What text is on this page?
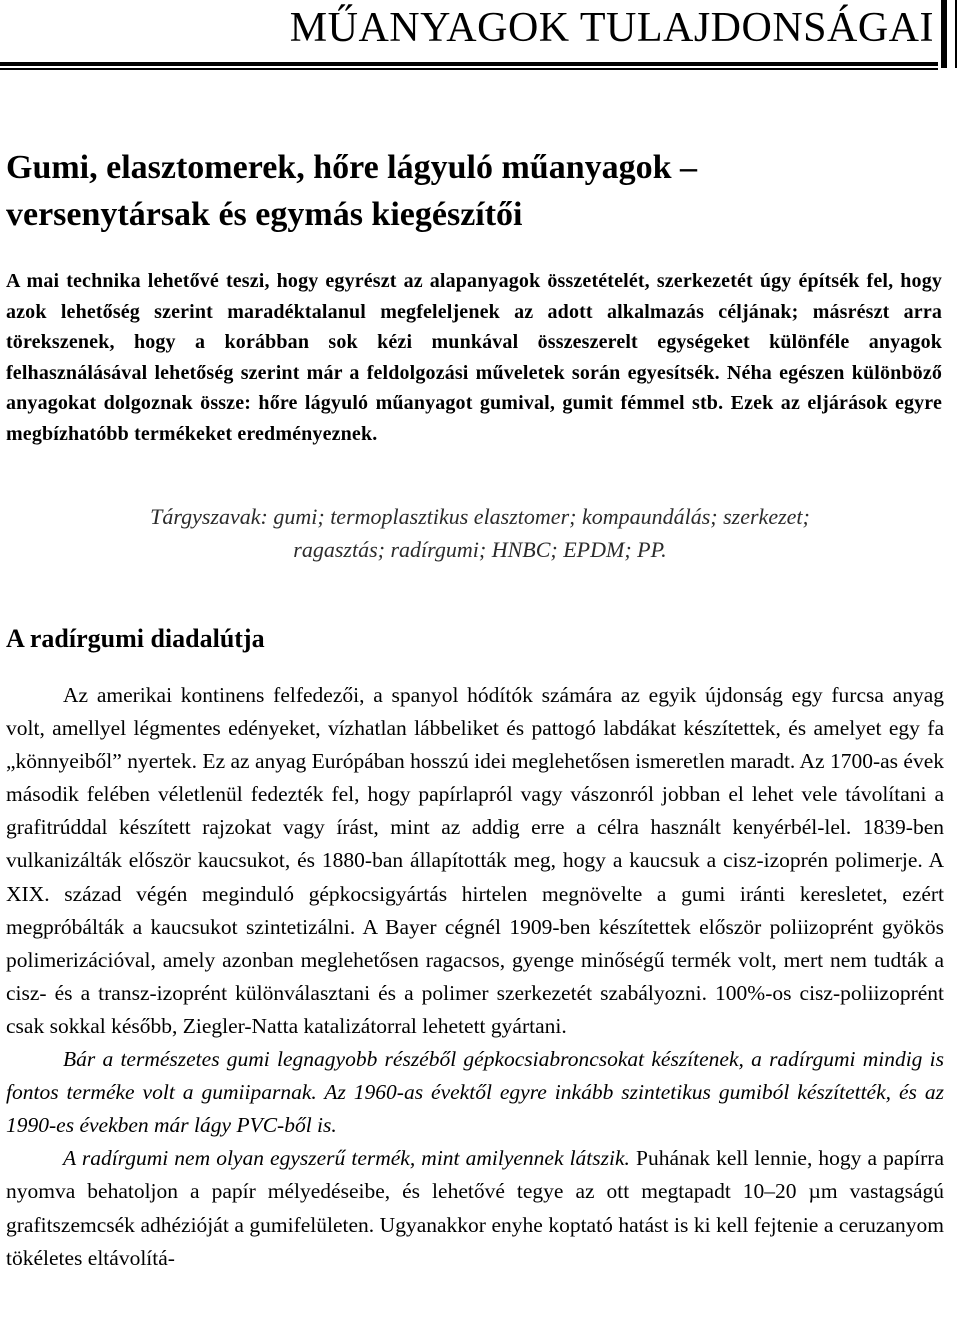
MŰANYAGOK TULAJDONSÁGAI
Gumi, elasztomerek, hőre lágyuló műanyagok –
versenytársak és egymás kiegészítői

A mai technika lehetővé teszi, hogy egyrészt az alapanyagok összetételét, szerkezetét úgy építsék fel, hogy azok lehetőség szerint maradéktalanul megfeleljenek az adott alkalmazás céljának; másrészt arra törekszenek, hogy a korábban sok kézi munkával összeszerelt egységeket különféle anyagok felhasználásával lehetőség szerint már a feldolgozási műveletek során egyesítsék. Néha egészen különböző anyagokat dolgoznak össze: hőre lágyuló műanyagot gumival, gumit fémmel stb. Ezek az eljárások egyre megbízhatóbb termékeket eredményeznek.

Tárgyszavak: gumi; termoplasztikus elasztomer; kompaundálás; szerkezet;
ragasztás; radírgumi; HNBC; EPDM; PP.

A radírgumi diadalútja

Az amerikai kontinens felfedezői, a spanyol hódítók számára az egyik újdonság egy furcsa anyag volt, amellyel légmentes edényeket, vízhatlan lábbeliket és pattogó labdákat készítettek, és amelyet egy fa „könnyeiből” nyertek. Ez az anyag Európában hosszú idei meglehetősen ismeretlen maradt. Az 1700-as évek második felében véletlenül fedezték fel, hogy papírlapról vagy vászonról jobban el lehet vele távolítani a grafitrúddal készített rajzokat vagy írást, mint az addig erre a célra használt kenyérbél-lel. 1839-ben vulkanizálták először kaucsukot, és 1880-ban állapították meg, hogy a kaucsuk a cisz-izoprén polimerje. A XIX. század végén meginduló gépkocsigyártás hirtelen megnövelte a gumi iránti keresletet, ezért megpróbálták a kaucsukot szintetizálni. A Bayer cégnél 1909-ben készítettek először poliizoprént gyökös polimerizációval, amely azonban meglehetősen ragacsos, gyenge minőségű termék volt, mert nem tudták a cisz- és a transz-izoprént különválasztani és a polimer szerkezetét szabályozni. 100%-os cisz-poliizoprént csak sokkal később, Ziegler-Natta katalizátorral lehetett gyártani.

Bár a természetes gumi legnagyobb részéből gépkocsiabroncsokat készítenek, a radírgumi mindig is fontos terméke volt a gumiiparnak. Az 1960-as évektől egyre inkább szintetikus gumiból készítették, és az 1990-es években már lágy PVC-ből is.

A radírgumi nem olyan egyszerű termék, mint amilyennek látszik. Puhának kell lennie, hogy a papírra nyomva behatoljon a papír mélyedéseibe, és lehetővé tegye az ott megtapadt 10–20 µm vastagságú grafitszemcsék adhézióját a gumifelületen. Ugyanakkor enyhe koptató hatást is ki kell fejtenie a ceruzanyom tökéletes eltávolítá-
